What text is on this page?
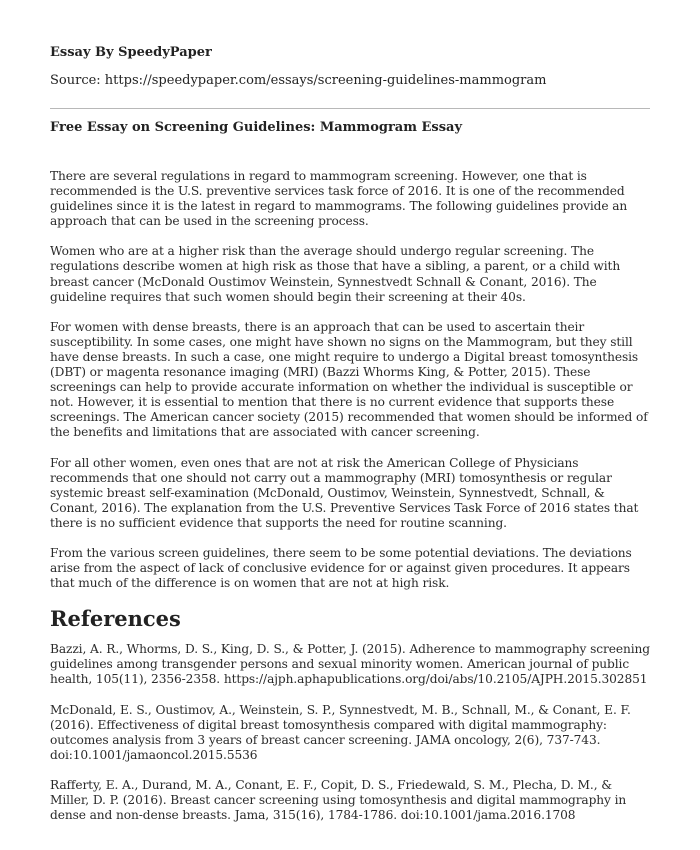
Essay By SpeedyPaper
Source: https://speedypaper.com/essays/screening-guidelines-mammogram
Free Essay on Screening Guidelines: Mammogram Essay

There are several regulations in regard to mammogram screening. However, one that is recommended is the U.S. preventive services task force of 2016. It is one of the recommended guidelines since it is the latest in regard to mammograms. The following guidelines provide an approach that can be used in the screening process.

Women who are at a higher risk than the average should undergo regular screening. The regulations describe women at high risk as those that have a sibling, a parent, or a child with breast cancer (McDonald Oustimov Weinstein, Synnestvedt Schnall & Conant, 2016). The guideline requires that such women should begin their screening at their 40s.

For women with dense breasts, there is an approach that can be used to ascertain their susceptibility. In some cases, one might have shown no signs on the Mammogram, but they still have dense breasts. In such a case, one might require to undergo a Digital breast tomosynthesis (DBT) or magenta resonance imaging (MRI) (Bazzi Whorms King, & Potter, 2015). These screenings can help to provide accurate information on whether the individual is susceptible or not. However, it is essential to mention that there is no current evidence that supports these screenings. The American cancer society (2015) recommended that women should be informed of the benefits and limitations that are associated with cancer screening.

For all other women, even ones that are not at risk the American College of Physicians recommends that one should not carry out a mammography (MRI) tomosynthesis or regular systemic breast self-examination (McDonald, Oustimov, Weinstein, Synnestvedt, Schnall, & Conant, 2016). The explanation from the U.S. Preventive Services Task Force of 2016 states that there is no sufficient evidence that supports the need for routine scanning.

From the various screen guidelines, there seem to be some potential deviations. The deviations arise from the aspect of lack of conclusive evidence for or against given procedures. It appears that much of the difference is on women that are not at high risk.

References

Bazzi, A. R., Whorms, D. S., King, D. S., & Potter, J. (2015). Adherence to mammography screening guidelines among transgender persons and sexual minority women. American journal of public health, 105(11), 2356-2358. https://ajph.aphapublications.org/doi/abs/10.2105/AJPH.2015.302851

McDonald, E. S., Oustimov, A., Weinstein, S. P., Synnestvedt, M. B., Schnall, M., & Conant, E. F. (2016). Effectiveness of digital breast tomosynthesis compared with digital mammography: outcomes analysis from 3 years of breast cancer screening. JAMA oncology, 2(6), 737-743. doi:10.1001/jamaoncol.2015.5536

Rafferty, E. A., Durand, M. A., Conant, E. F., Copit, D. S., Friedewald, S. M., Plecha, D. M., & Miller, D. P. (2016). Breast cancer screening using tomosynthesis and digital mammography in dense and non-dense breasts. Jama, 315(16), 1784-1786. doi:10.1001/jama.2016.1708
